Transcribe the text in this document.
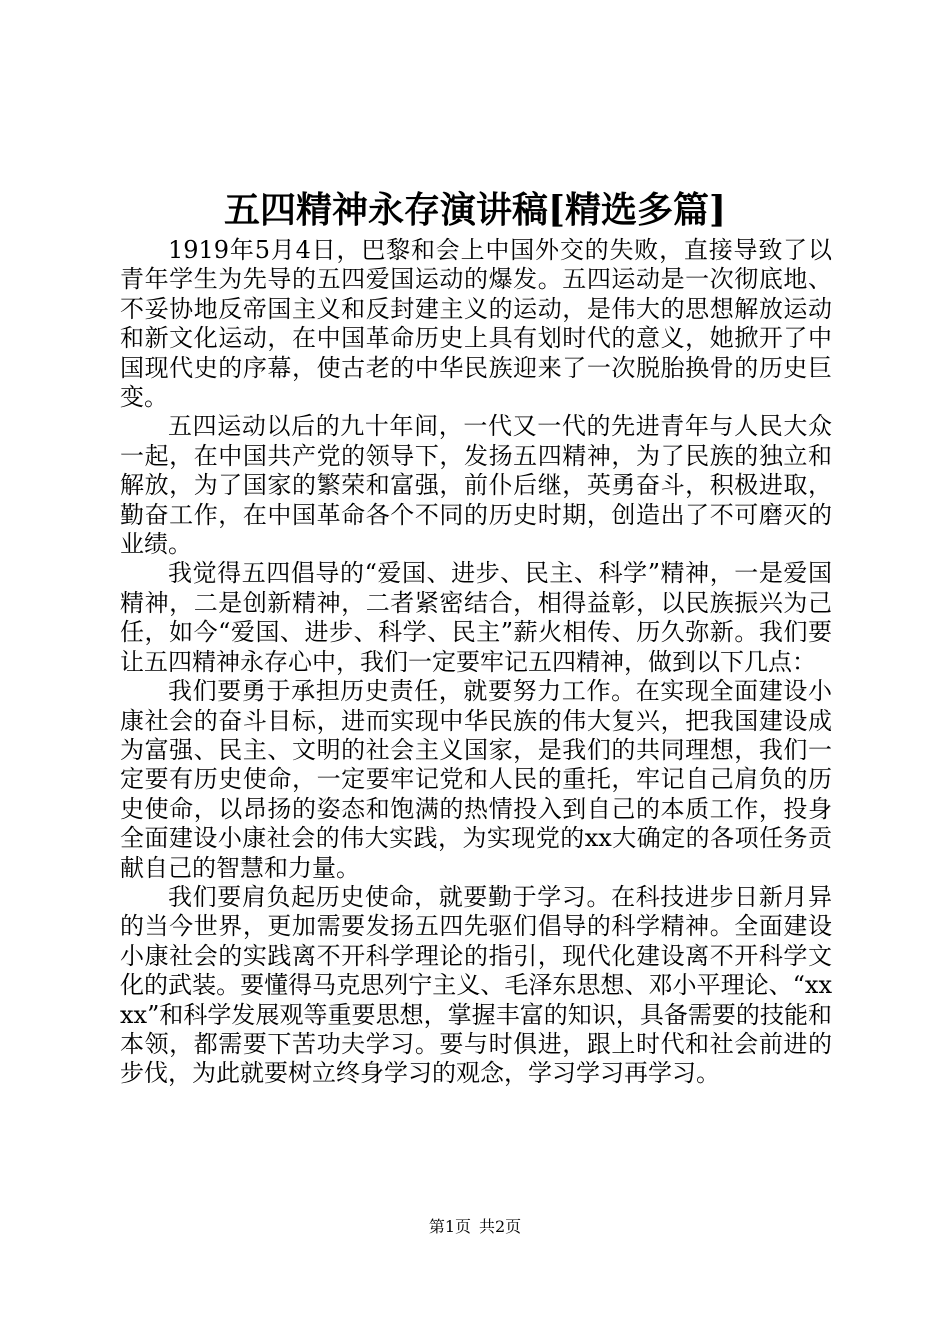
五四精神永存演讲稿[精选多篇]

1919年5月4日，巴黎和会上中国外交的失败，直接导致了以青年学生为先导的五四爱国运动的爆发。五四运动是一次彻底地、不妥协地反帝国主义和反封建主义的运动，是伟大的思想解放运动和新文化运动，在中国革命历史上具有划时代的意义，她掀开了中国现代史的序幕，使古老的中华民族迎来了一次脱胎换骨的历史巨变。

五四运动以后的九十年间，一代又一代的先进青年与人民大众一起，在中国共产党的领导下，发扬五四精神，为了民族的独立和解放，为了国家的繁荣和富强，前仆后继，英勇奋斗，积极进取，勤奋工作，在中国革命各个不同的历史时期，创造出了不可磨灭的业绩。

我觉得五四倡导的“爱国、进步、民主、科学”精神，一是爱国精神，二是创新精神，二者紧密结合，相得益彰，以民族振兴为己任，如今“爱国、进步、科学、民主”薪火相传、历久弥新。我们要让五四精神永存心中，我们一定要牢记五四精神，做到以下几点：

我们要勇于承担历史责任，就要努力工作。在实现全面建设小康社会的奋斗目标，进而实现中华民族的伟大复兴，把我国建设成为富强、民主、文明的社会主义国家，是我们的共同理想，我们一定要有历史使命，一定要牢记党和人民的重托，牢记自己肩负的历史使命，以昂扬的姿态和饱满的热情投入到自己的本质工作，投身全面建设小康社会的伟大实践，为实现党的xx大确定的各项任务贡献自己的智慧和力量。

我们要肩负起历史使命，就要勤于学习。在科技进步日新月异的当今世界，更加需要发扬五四先驱们倡导的科学精神。全面建设小康社会的实践离不开科学理论的指引，现代化建设离不开科学文化的武装。要懂得马克思列宁主义、毛泽东思想、邓小平理论、“xxxx”和科学发展观等重要思想，掌握丰富的知识，具备需要的技能和本领，都需要下苦功夫学习。要与时俱进，跟上时代和社会前进的步伐，为此就要树立终身学习的观念，学习学习再学习。

第1页 共2页
